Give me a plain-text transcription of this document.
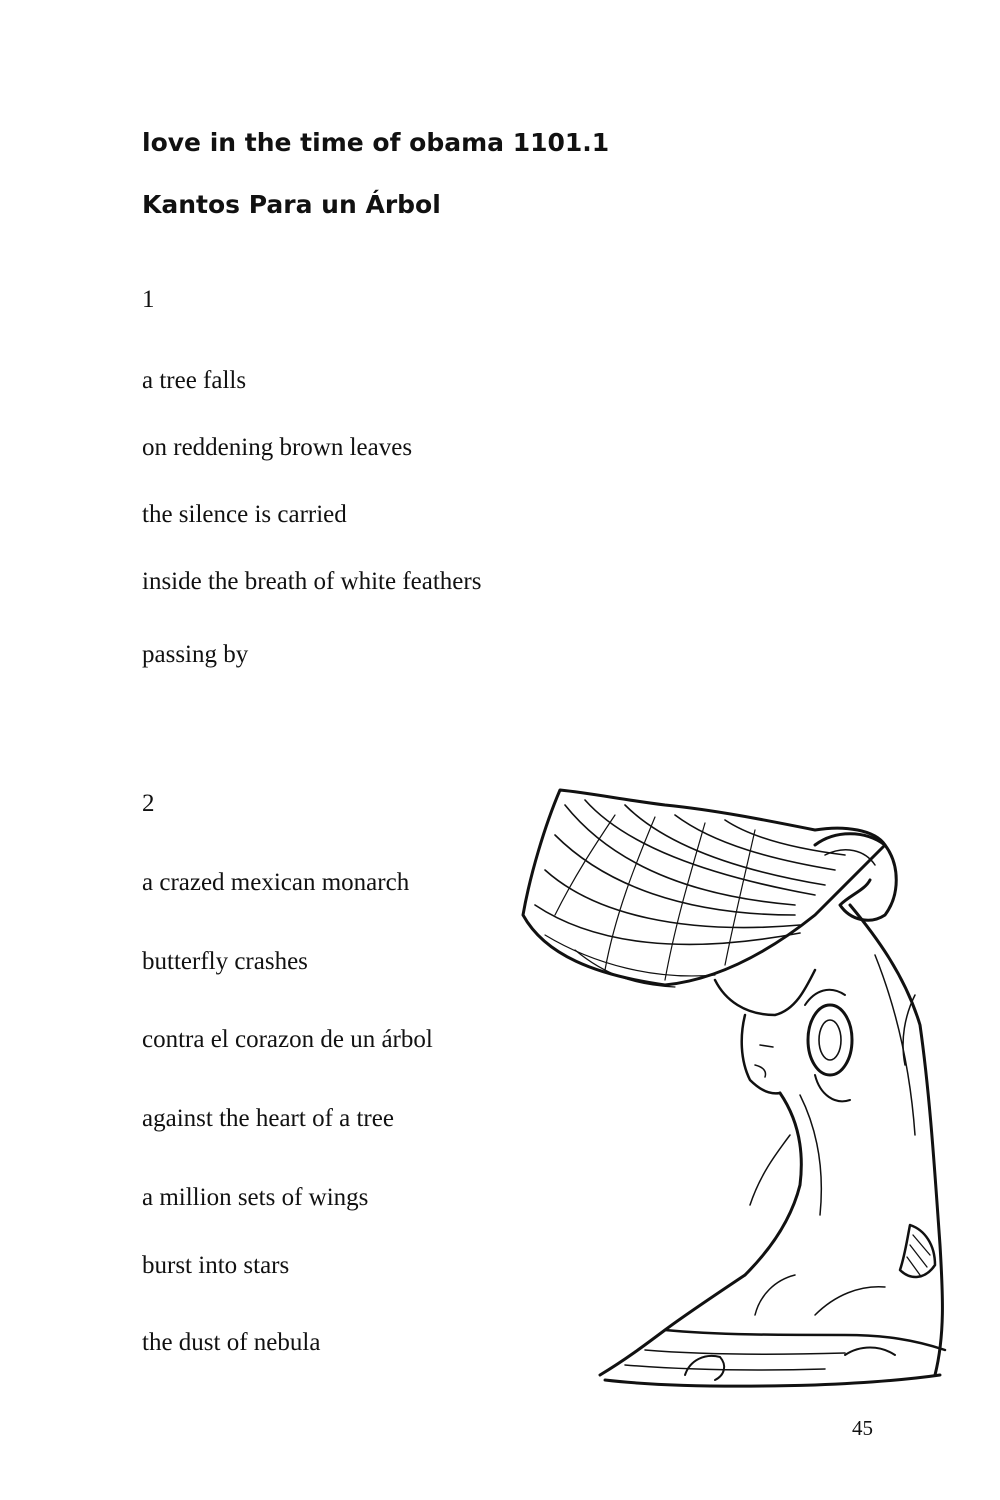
love in the time of obama 1101.1
Kantos Para un Árbol
1
a tree falls
on reddening brown leaves
the silence is carried
inside the breath of white feathers
passing by
2
a crazed mexican monarch
butterfly crashes
contra el corazon de un árbol
against the heart of a tree
a million sets of wings
burst into stars
the dust of nebula
45
